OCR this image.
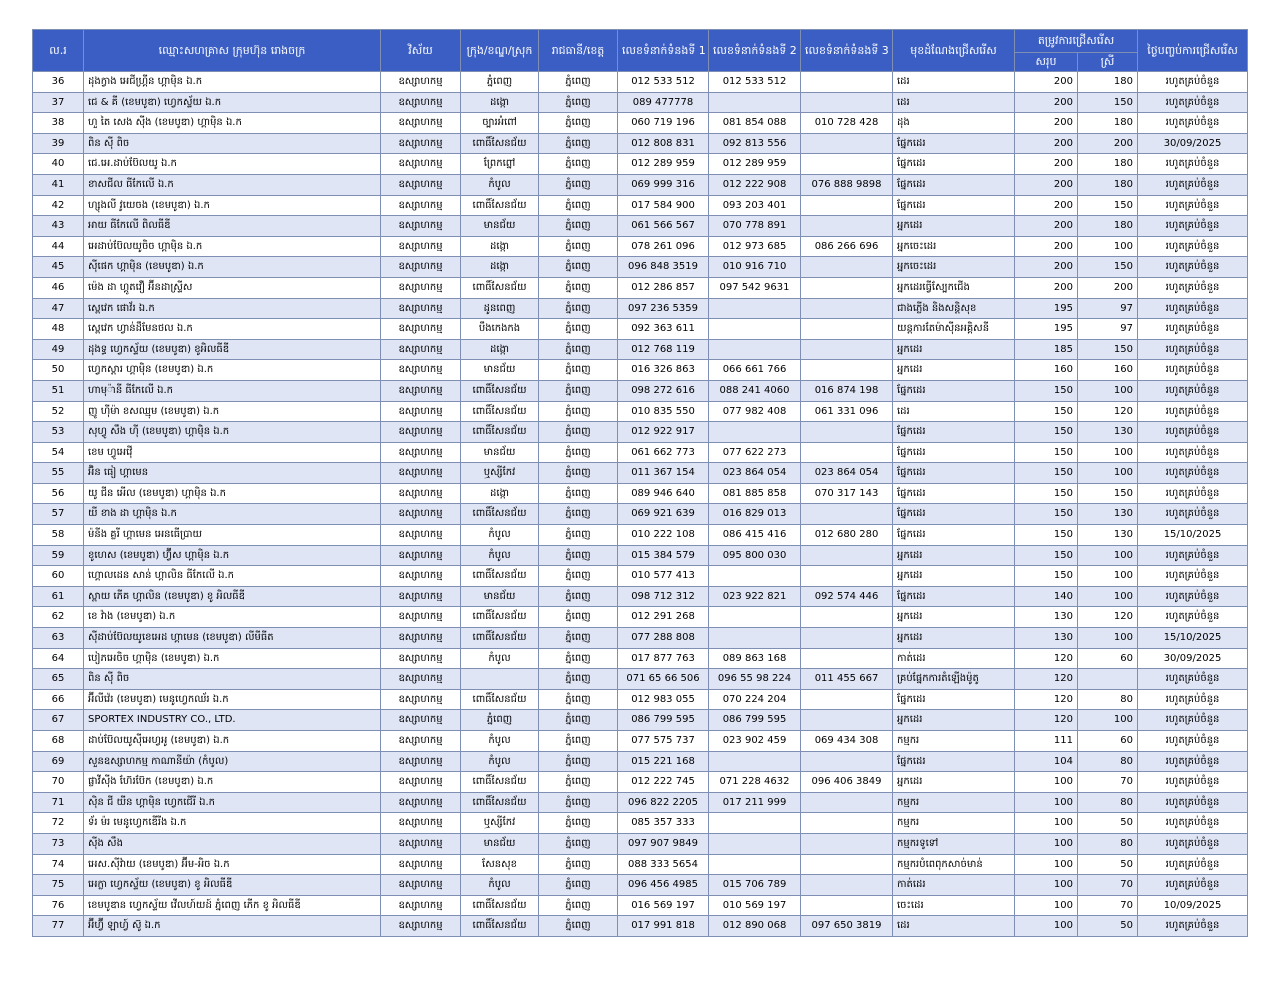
ល.រ	ឈ្មោះសហគ្រាស ក្រុមហ៊ុន រោងចក្រ	វិស័យ	ក្រុង/ខណ្ឌ/ស្រុក	រាជធានី/ខេត្ត	លេខទំនាក់ទំនងទី 1	លេខទំនាក់ទំនងទី 2	លេខទំនាក់ទំនងទី 3	មុខដំណែងជ្រើសរើស	តម្រូវការជ្រើសរើស		ថ្ងៃបញ្ចប់ការជ្រើសរើស
									សរុប	ស្រី	
36	ដុងក្វាង អេជីហ្គ្រីន ហ្គាម៉ិន ឯ.ក	ឧស្សាហកម្ម	ភ្នំពេញ	ភ្នំពេញ	012 533 512	012 533 512		ដេរ	200	180	រហូតគ្រប់ចំនួន
37	ជេ & គី (ខេមបូឌា) ហ្វេកស្ទ័យ ឯ.ក	ឧស្សាហកម្ម	ដង្កោ	ភ្នំពេញ	089 477778			ដេរ	200	150	រហូតគ្រប់ចំនួន
38	ហួ តៃ សេង ស៊ីង (ខេមបូឌា) ហ្គាម៉ិន ឯ.ក	ឧស្សាហកម្ម	ច្បារអំពៅ	ភ្នំពេញ	060 719 196	081 854 088	010 728 428	ដុង	200	180	រហូតគ្រប់ចំនួន
39	ពិន ស៊ី ពិច	ឧស្សាហកម្ម	ពោធិ៍សែនជ័យ	ភ្នំពេញ	012 808 831	092 813 556		ផ្នែកដេរ	200	200	30/09/2025
40	ជេ.អេ.ដាប់ប៊ែលយូ ឯ.ក	ឧស្សាហកម្ម	ព្រែកព្នៅ	ភ្នំពេញ	012 289 959	012 289 959		ផ្នែកដេរ	200	180	រហូតគ្រប់ចំនួន
41	ខាសជីល ធីកែលើ ឯ.ក	ឧស្សាហកម្ម	កំបូល	ភ្នំពេញ	069 999 316	012 222 908	076 888 9898	ផ្នែកដេរ	200	180	រហូតគ្រប់ចំនួន
42	ហ្សុងលី វូយេចង (ខេមបូឌា) ឯ.ក	ឧស្សាហកម្ម	ពោធិ៍សែនជ័យ	ភ្នំពេញ	017 584 900	093 203 401		ផ្នែកដេរ	200	150	រហូតគ្រប់ចំនួន
43	អាយ ធីកែលើ ពិលធីឌី	ឧស្សាហកម្ម	មានជ័យ	ភ្នំពេញ	061 566 567	070 778 891		អ្នកដេរ	200	180	រហូតគ្រប់ចំនួន
44	អេដាប់ប៊ែលយូចិច ហ្គាម៉ិន ឯ.ក	ឧស្សាហកម្ម	ដង្កោ	ភ្នំពេញ	078 261 096	012 973 685	086 266 696	អ្នកចេះដេរ	200	100	រហូតគ្រប់ចំនួន
45	ស៊ីផេក ហ្គាម៉ិន (ខេមបូឌា) ឯ.ក	ឧស្សាហកម្ម	ដង្កោ	ភ្នំពេញ	096 848 3519	010 916 710		អ្នកចេះដេរ	200	150	រហូតគ្រប់ចំនួន
46	ម៉េង ដា ហ្គូតវឿ អ៊ីនដាស្ទ្រីស	ឧស្សាហកម្ម	ពោធិ៍សែនជ័យ	ភ្នំពេញ	012 286 857	097 542 9631		អ្នកដេរធ្វើស្បែកជើង	200	200	រហូតគ្រប់ចំនួន
47	ស្ពេវេក ផោវ័រ ឯ.ក	ឧស្សាហកម្ម	ដូនពេញ	ភ្នំពេញ	097 236 5359			ជាងភ្លើង និងសន្តិសុខ	195	97	រហូតគ្រប់ចំនួន
48	ស្ពេវេក ហ្វាន់ដឹមែនថល ឯ.ក	ឧស្សាហកម្ម	បឹងកេងកង	ភ្នំពេញ	092 363 611			យន្តការតែម៉ាស៊ីនអគ្គិសនី	195	97	រហូតគ្រប់ចំនួន
49	ដុងទ្ធ ហ្វេកស្ទ័យ (ខេមបូឌា) ខូអិលធីឌី	ឧស្សាហកម្ម	ដង្កោ	ភ្នំពេញ	012 768 119			អ្នកដេរ	185	150	រហូតគ្រប់ចំនួន
50	ហ្វេកស្តារ ហ្គាម៉ិន (ខេមបូឌា) ឯ.ក	ឧស្សាហកម្ម	មានជ័យ	ភ្នំពេញ	016 326 863	066 661 766		អ្នកដេរ	160	160	រហូតគ្រប់ចំនួន
51	ហាមុ៉ានី ធីកែលើ ឯ.ក	ឧស្សាហកម្ម	ពោធិ៍សែនជ័យ	ភ្នំពេញ	098 272 616	088 241 4060	016 874 198	ផ្នែកដេរ	150	100	រហូតគ្រប់ចំនួន
52	ញូ ហ៊ីម៉ា ខសឈ្មុម (ខេមបូឌា) ឯ.ក	ឧស្សាហកម្ម	ពោធិ៍សែនជ័យ	ភ្នំពេញ	010 835 550	077 982 408	061 331 096	ដេរ	150	120	រហូតគ្រប់ចំនួន
53	សុហ្វូ សឹង ហ៊ី (ខេមបូឌា) ហ្គាម៉ិន ឯ.ក	ឧស្សាហកម្ម	ពោធិ៍សែនជ័យ	ភ្នំពេញ	012 922 917			ផ្នែកដេរ	150	130	រហូតគ្រប់ចំនួន
54	ខេម ហ្វូអេវ៉ើ	ឧស្សាហកម្ម	មានជ័យ	ភ្នំពេញ	061 662 773	077 622 273		ផ្នែកដេរ	150	100	រហូតគ្រប់ចំនួន
55	អ៊ិន ធៀ ហ្គាមេន	ឧស្សាហកម្ម	ឬស្សីកែវ	ភ្នំពេញ	011 367 154	023 864 054	023 864 054	ផ្នែកដេរ	150	100	រហូតគ្រប់ចំនួន
56	យូ ជីន អើល (ខេមបូឌា) ហ្គាម៉ិន ឯ.ក	ឧស្សាហកម្ម	ដង្កោ	ភ្នំពេញ	089 946 640	081 885 858	070 317 143	ផ្នែកដេរ	150	150	រហូតគ្រប់ចំនួន
57	យី ខាង ដា ហ្គាម៉ិន ឯ.ក	ឧស្សាហកម្ម	ពោធិ៍សែនជ័យ	ភ្នំពេញ	069 921 639	016 829 013		ផ្នែកដេរ	150	130	រហូតគ្រប់ចំនួន
58	ម៉នីង គ្លរី ហ្គាមេន អេនធើប្រាយ	ឧស្សាហកម្ម	កំបូល	ភ្នំពេញ	010 222 108	086 415 416	012 680 280	ផ្នែកដេរ	150	130	15/10/2025
59	ខូហេស (ខេមបូឌា) ហ្វ៊ីស ហ្គាម៉ិន ឯ.ក	ឧស្សាហកម្ម	កំបូល	ភ្នំពេញ	015 384 579	095 800 030		អ្នកដេរ	150	100	រហូតគ្រប់ចំនួន
60	ហ្គោលដេន សាន់ ហ្គាលិន ធីកែលើ ឯ.ក	ឧស្សាហកម្ម	ពោធិ៍សែនជ័យ	ភ្នំពេញ	010 577 413			អ្នកដេរ	150	100	រហូតគ្រប់ចំនួន
61	ស្ពាយ ភើគ ហ្គាលិន (ខេមបូឌា) ខូ អិលធីឌី	ឧស្សាហកម្ម	មានជ័យ	ភ្នំពេញ	098 712 312	023 922 821	092 574 446	ផ្នែកដេរ	140	100	រហូតគ្រប់ចំនួន
62	ខេ វ៉ាង (ខេមបូឌា) ឯ.ក	ឧស្សាហកម្ម	ពោធិ៍សែនជ័យ	ភ្នំពេញ	012 291 268			អ្នកដេរ	130	120	រហូតគ្រប់ចំនួន
63	ស៊ីដាប់ប៊ែលយូខេអេដ ហ្គាមេន (ខេមបូឌា) លីមីធីត	ឧស្សាហកម្ម	ពោធិ៍សែនជ័យ	ភ្នំពេញ	077 288 808			អ្នកដេរ	130	100	15/10/2025
64	បៀភអេចិច ហ្គាម៉ិន (ខេមបូឌា) ឯ.ក	ឧស្សាហកម្ម	កំបូល	ភ្នំពេញ	017 877 763	089 863 168		កាត់ដេរ	120	60	30/09/2025
65	ពិន ស៊ី ពិច	ឧស្សាហកម្ម		ភ្នំពេញ	071 65 66 506	096 55 98 224	011 455 667	គ្រប់ផ្នែកការតំឡើងម៉ូតូ	120		រហូតគ្រប់ចំនួន
66	អ៊ីលីវ៉េរ (ខេមបូឌា) មេនូហ្វេកឈ័រ ឯ.ក	ឧស្សាហកម្ម	ពោធិ៍សែនជ័យ	ភ្នំពេញ	012 983 055	070 224 204		ផ្នែកដេរ	120	80	រហូតគ្រប់ចំនួន
67	SPORTEX INDUSTRY CO., LTD.	ឧស្សាហកម្ម	ភ្នំពេញ	ភ្នំពេញ	086 799 595	086 799 595		អ្នកដេរ	120	100	រហូតគ្រប់ចំនួន
68	ដាប់ប៊ែលយូស៊ីអេហ្វអូ (ខេមបូឌា) ឯ.ក	ឧស្សាហកម្ម	កំបូល	ភ្នំពេញ	077 575 737	023 902 459	069 434 308	កម្មករ	111	60	រហូតគ្រប់ចំនួន
69	សួនឧស្សាហកម្ម កាណានីយ៉ា (កំបូល)	ឧស្សាហកម្ម	កំបូល	ភ្នំពេញ	015 221 168			ផ្នែកដេរ	104	80	រហូតគ្រប់ចំនួន
70	ផ្លាវីស៊ីង ហ៊ែរប៊ែក (ខេមបូឌា) ឯ.ក	ឧស្សាហកម្ម	ពោធិ៍សែនជ័យ	ភ្នំពេញ	012 222 745	071 228 4632	096 406 3849	អ្នកដេរ	100	70	រហូតគ្រប់ចំនួន
71	ស៊ិន ជី យីន ហ្គាម៉ិន ហ្វេកជើរី ឯ.ក	ឧស្សាហកម្ម	ពោធិ៍សែនជ័យ	ភ្នំពេញ	096 822 2205	017 211 999		កម្មករ	100	80	រហូតគ្រប់ចំនួន
72	ទ័រ ម៉រ មេនូហ្វេកឌើរីង ឯ.ក	ឧស្សាហកម្ម	ឬស្សីកែវ	ភ្នំពេញ	085 357 333			កម្មករ	100	50	រហូតគ្រប់ចំនួន
73	ស៊ីង សឹង	ឧស្សាហកម្ម	មានជ័យ	ភ្នំពេញ	097 907 9849			កម្មករទូទៅ	100	80	រហូតគ្រប់ចំនួន
74	អេស.ស៊ីវ៉ាយ (ខេមបូឌា) អ៊ីម-អិច ឯ.ក	ឧស្សាហកម្ម	សែនសុខ	ភ្នំពេញ	088 333 5654			កម្មករបំពេ​ពុកសាច់មាន់	100	50	រហូតគ្រប់ចំនួន
75	អេក្លា ហ្វេកស្ទ័យ (ខេមបូឌា) ខូ អិលធីឌី	ឧស្សាហកម្ម	កំបូល	ភ្នំពេញ	096 456 4985	015 706 789		កាត់ដេរ	100	70	រហូតគ្រប់ចំនួន
76	ខេមបូឌាន ហ្វេកស្ទ័យ វើលហ៍យដ៍ ភ្នំពេញ ភើក ខូ អិលធីឌី	ឧស្សាហកម្ម	ពោធិ៍សែនជ័យ	ភ្នំពេញ	016 569 197	010 569 197		ចេះដេរ	100	70	10/09/2025
77	អ៊ីហ្វ៊ី ឡាហ្វ៍ ស៊ូ ឯ.ក	ឧស្សាហកម្ម	ពោធិ៍សែនជ័យ	ភ្នំពេញ	017 991 818	012 890 068	097 650 3819	ដេរ	100	50	រហូតគ្រប់ចំនួន
